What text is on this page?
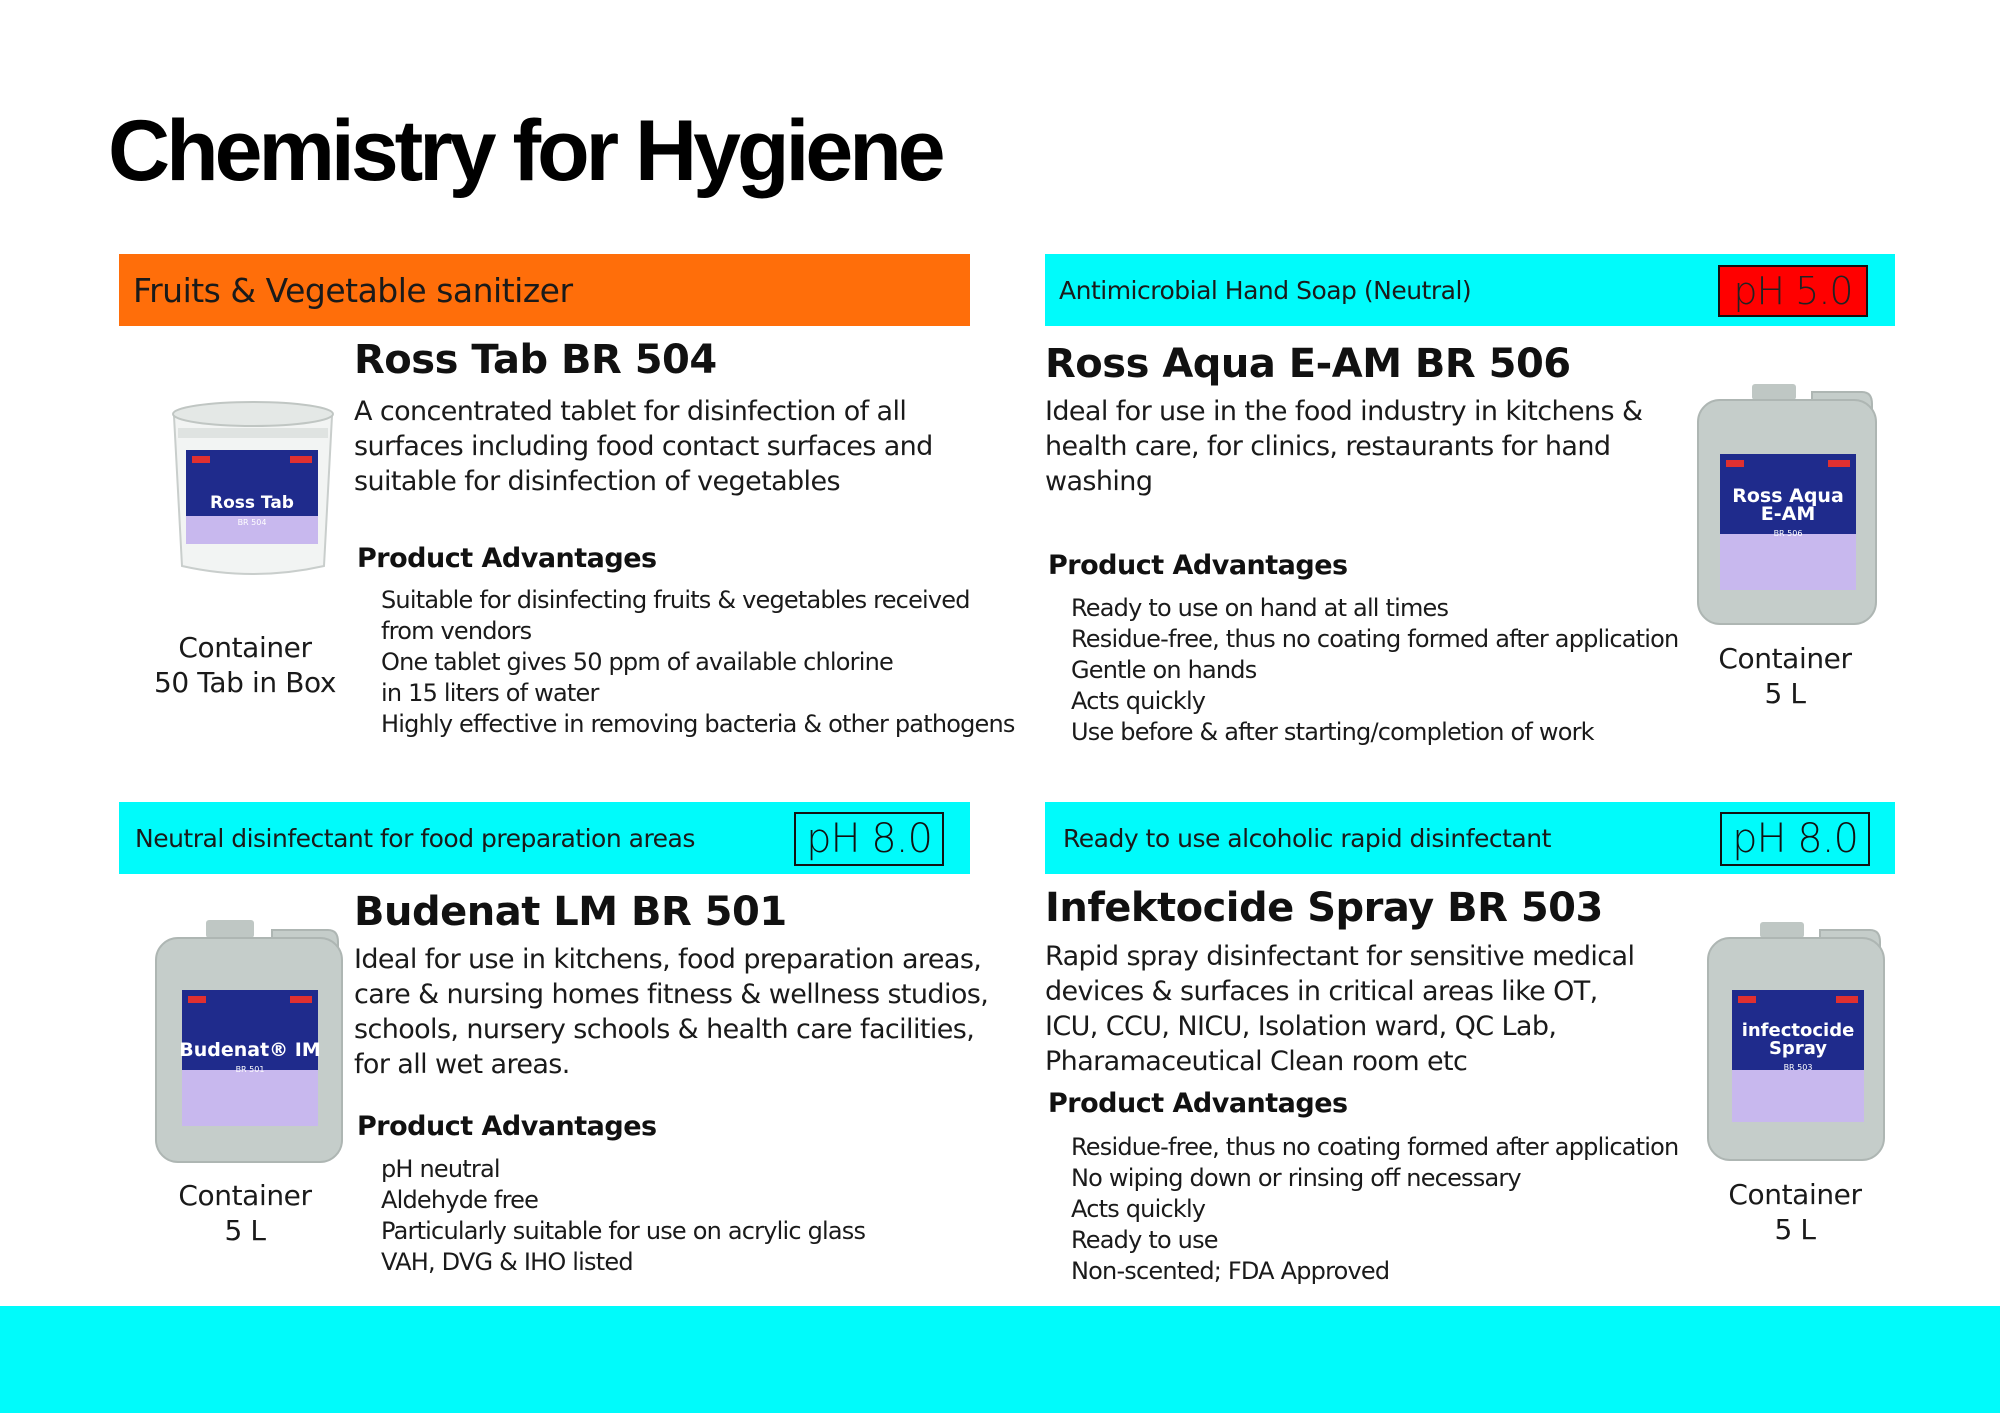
Chemistry for Hygiene
Fruits & Vegetable sanitizer
Ross Tab BR 504

A concentrated tablet for disinfection of all
surfaces including food contact surfaces and
suitable for disinfection of vegetables

Product Advantages
Suitable for disinfecting fruits & vegetables received
from vendors
One tablet gives 50 ppm of available chlorine
in 15 liters of water
Highly effective in removing bacteria & other pathogens
Container
50 Tab in Box
Ross Tab
BR 504
Antimicrobial Hand Soap (Neutral)	pH 5.0
Ross Aqua E-AM BR 506

Ideal for use in the food industry in kitchens &
health care, for clinics, restaurants for hand
washing

Product Advantages
Ready to use on hand at all times
Residue-free, thus no coating formed after application
Gentle on hands
Acts quickly
Use before & after starting/completion of work
Container
5 L
Ross Aqua
E-AM
BR 506
Neutral disinfectant for food preparation areas	pH 8.0
Budenat LM BR 501

Ideal for use in kitchens, food preparation areas,
care & nursing homes fitness & wellness studios,
schools, nursery schools & health care facilities,
for all wet areas.

Product Advantages
pH neutral
Aldehyde free
Particularly suitable for use on acrylic glass
VAH, DVG & IHO listed
Container
5 L
Budenat® IM
BR 501
Ready to use alcoholic rapid disinfectant	pH 8.0
Infektocide Spray BR 503

Rapid spray disinfectant for sensitive medical
devices & surfaces in critical areas like OT,
ICU, CCU, NICU, Isolation ward, QC Lab,
Pharamaceutical Clean room etc

Product Advantages
Residue-free, thus no coating formed after application
No wiping down or rinsing off necessary
Acts quickly
Ready to use
Non-scented; FDA Approved
Container
5 L
infectocide
Spray
BR 503
